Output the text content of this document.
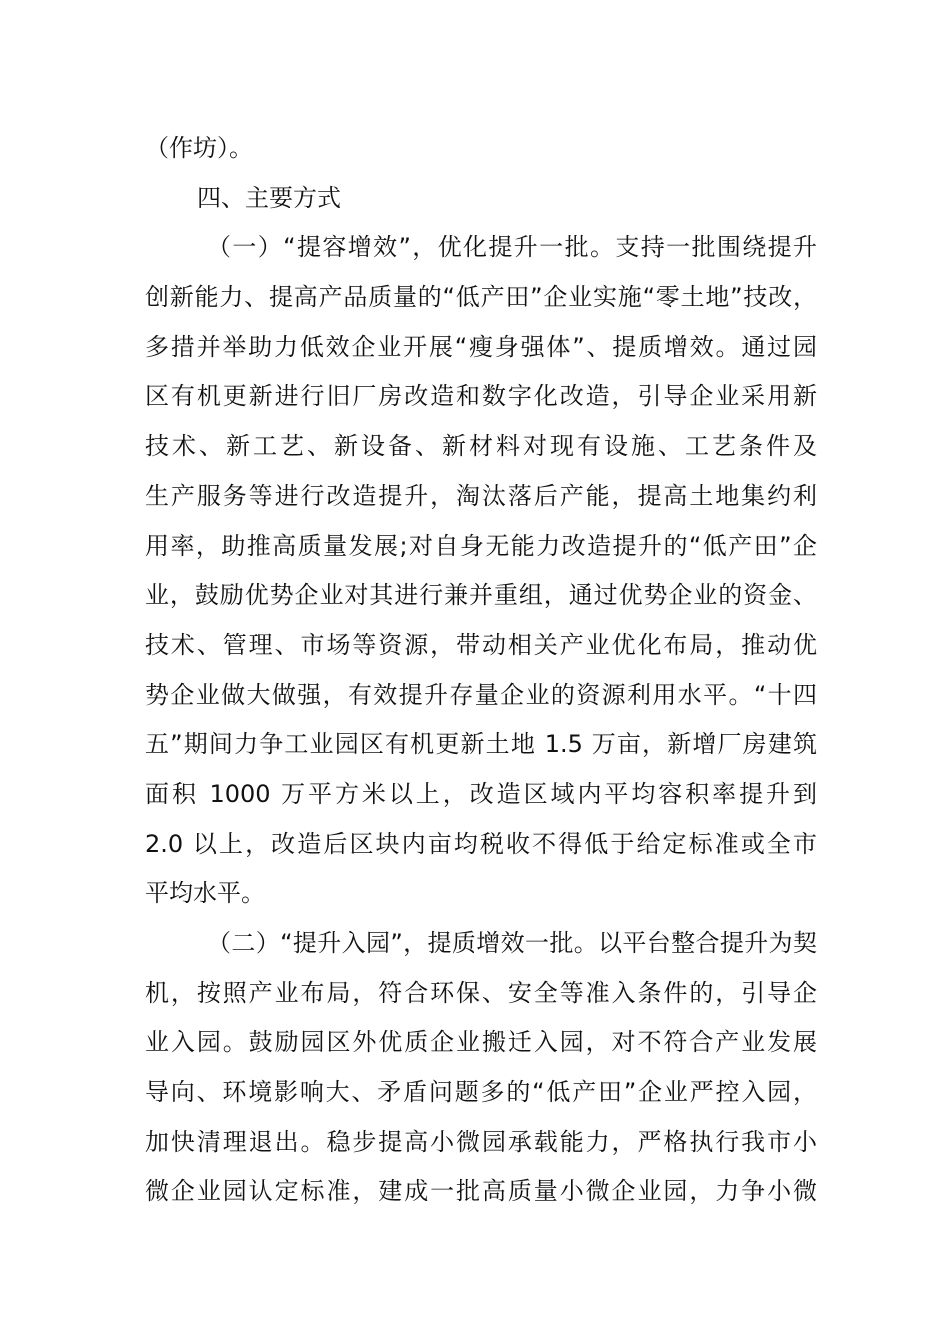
（作坊）。
四、主要方式
（一）“提容增效”，优化提升一批。支持一批围绕提升
创新能力、提高产品质量的“低产田”企业实施“零土地”技改，
多措并举助力低效企业开展“瘦身强体”、提质增效。通过园
区有机更新进行旧厂房改造和数字化改造，引导企业采用新
技术、新工艺、新设备、新材料对现有设施、工艺条件及
生产服务等进行改造提升，淘汰落后产能，提高土地集约利
用率，助推高质量发展;对自身无能力改造提升的“低产田”企
业，鼓励优势企业对其进行兼并重组，通过优势企业的资金、
技术、管理、市场等资源，带动相关产业优化布局，推动优
势企业做大做强，有效提升存量企业的资源利用水平。“十四
五”期间力争工业园区有机更新土地 1.5 万亩，新增厂房建筑
面积 1000 万平方米以上，改造区域内平均容积率提升到
2.0 以上，改造后区块内亩均税收不得低于给定标准或全市
平均水平。
（二）“提升入园”，提质增效一批。以平台整合提升为契
机，按照产业布局，符合环保、安全等准入条件的，引导企
业入园。鼓励园区外优质企业搬迁入园，对不符合产业发展
导向、环境影响大、矛盾问题多的“低产田”企业严控入园，
加快清理退出。稳步提高小微园承载能力，严格执行我市小
微企业园认定标准，建成一批高质量小微企业园，力争小微
